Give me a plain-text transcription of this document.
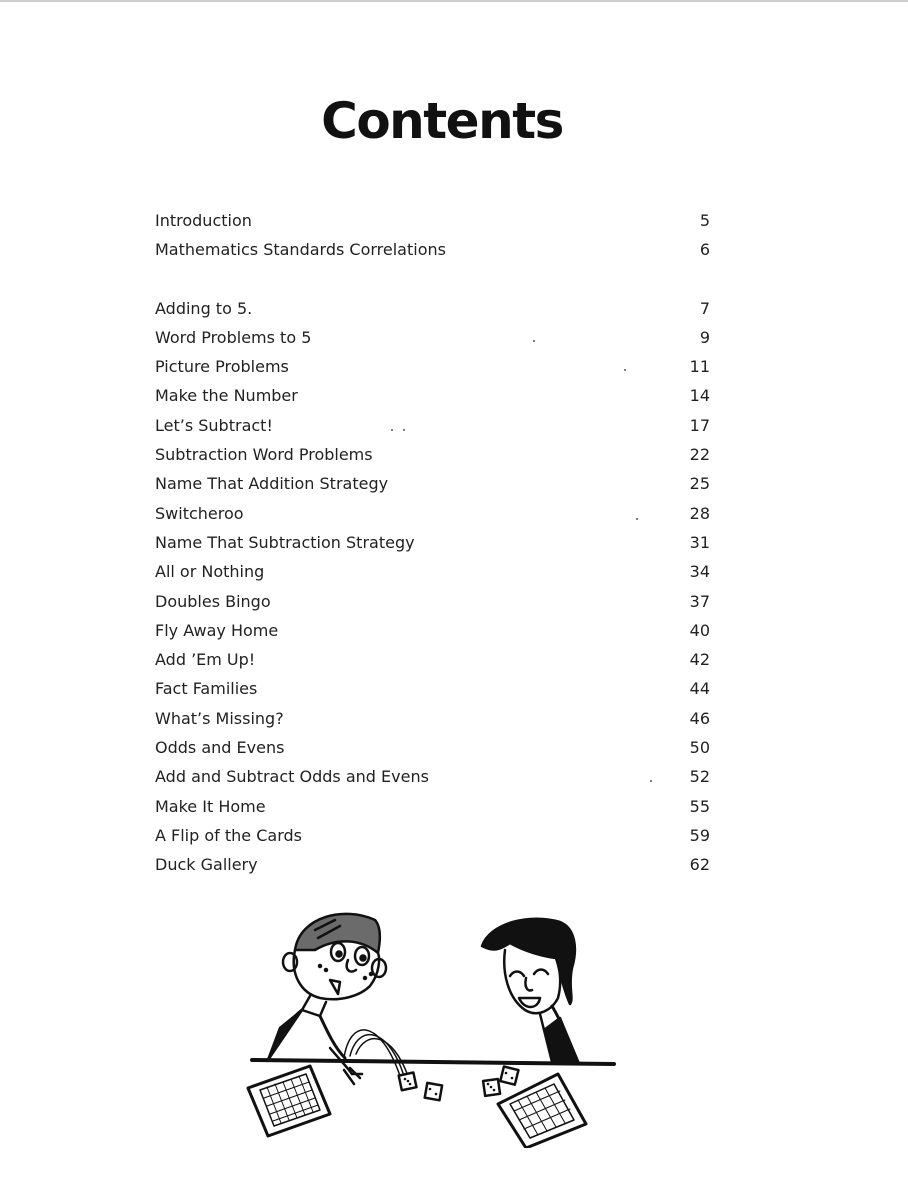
Contents
Introduction	5
Mathematics Standards Correlations	6
Adding to 5.	7
Word Problems to 5	9
Picture Problems	11
Make the Number	14
Let’s Subtract!	17
Subtraction Word Problems	22
Name That Addition Strategy	25
Switcheroo	28
Name That Subtraction Strategy	31
All or Nothing	34
Doubles Bingo	37
Fly Away Home	40
Add ’Em Up!	42
Fact Families	44
What’s Missing?	46
Odds and Evens	50
Add and Subtract Odds and Evens	52
Make It Home	55
A Flip of the Cards	59
Duck Gallery	62
